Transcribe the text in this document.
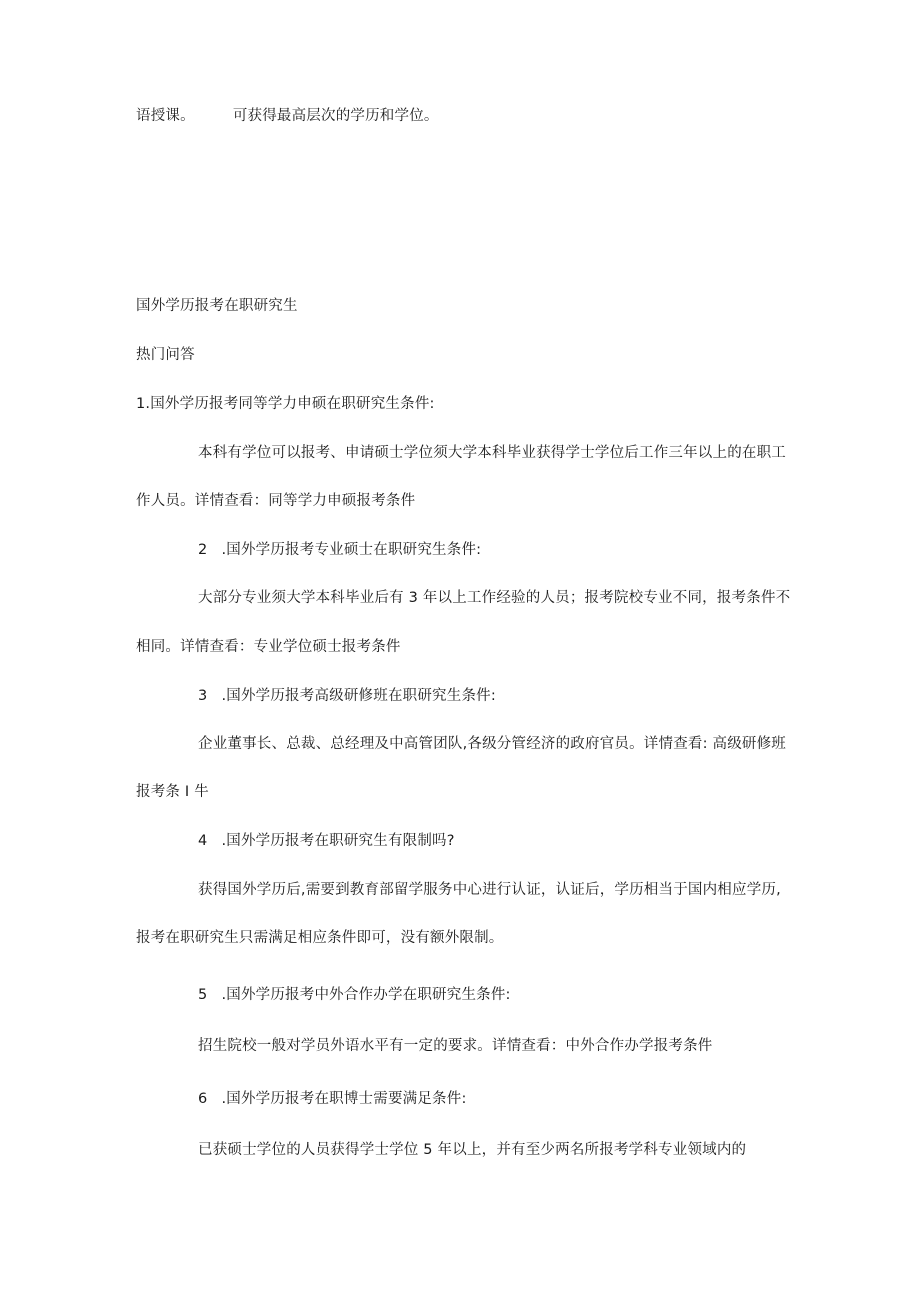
语授课。	可获得最高层次的学历和学位。
国外学历报考在职研究生
热门问答
1.国外学历报考同等学力申硕在职研究生条件:
本科有学位可以报考、申请硕士学位须大学本科毕业获得学士学位后工作三年以上的在职工
作人员。详情查看：同等学力申硕报考条件
2 .国外学历报考专业硕士在职研究生条件:
大部分专业须大学本科毕业后有 3 年以上工作经验的人员；报考院校专业不同，报考条件不
相同。详情查看：专业学位硕士报考条件
3 .国外学历报考高级研修班在职研究生条件:
企业董事长、总裁、总经理及中高管团队,各级分管经济的政府官员。详情查看: 高级研修班
报考条 I 牛
4 .国外学历报考在职研究生有限制吗?
获得国外学历后,需要到教育部留学服务中心进行认证，认证后，学历相当于国内相应学历,
报考在职研究生只需满足相应条件即可，没有额外限制。
5 .国外学历报考中外合作办学在职研究生条件:
招生院校一般对学员外语水平有一定的要求。详情查看：中外合作办学报考条件
6 .国外学历报考在职博士需要满足条件:
已获硕士学位的人员获得学士学位 5 年以上，并有至少两名所报考学科专业领域内的
